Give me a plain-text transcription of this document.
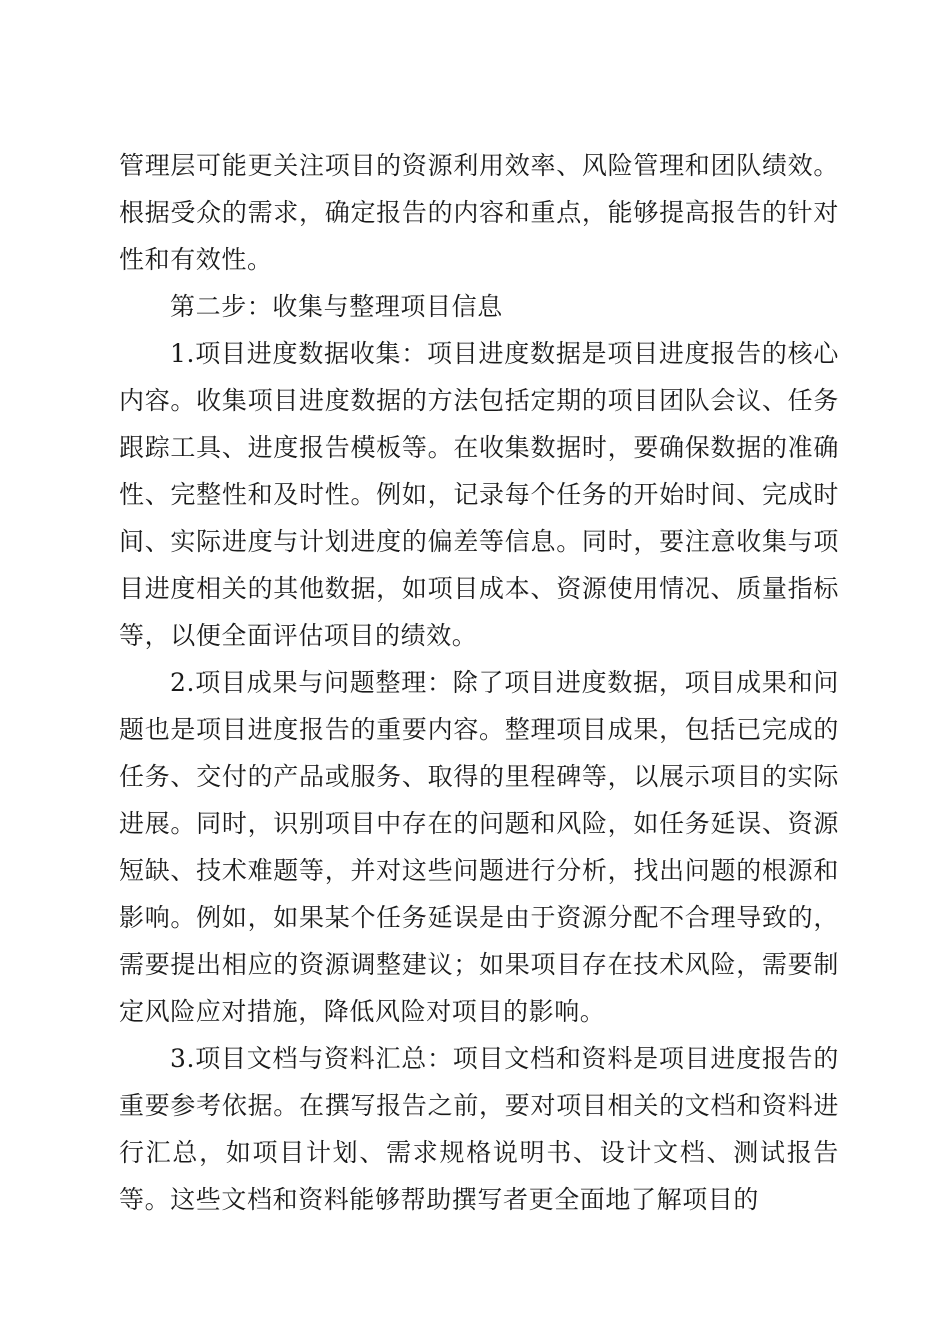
管理层可能更关注项目的资源利用效率、风险管理和团队绩效。根据受众的需求，确定报告的内容和重点，能够提高报告的针对性和有效性。

第二步：收集与整理项目信息

1.项目进度数据收集：项目进度数据是项目进度报告的核心内容。收集项目进度数据的方法包括定期的项目团队会议、任务跟踪工具、进度报告模板等。在收集数据时，要确保数据的准确性、完整性和及时性。例如，记录每个任务的开始时间、完成时间、实际进度与计划进度的偏差等信息。同时，要注意收集与项目进度相关的其他数据，如项目成本、资源使用情况、质量指标等，以便全面评估项目的绩效。

2.项目成果与问题整理：除了项目进度数据，项目成果和问题也是项目进度报告的重要内容。整理项目成果，包括已完成的任务、交付的产品或服务、取得的里程碑等，以展示项目的实际进展。同时，识别项目中存在的问题和风险，如任务延误、资源短缺、技术难题等，并对这些问题进行分析，找出问题的根源和影响。例如，如果某个任务延误是由于资源分配不合理导致的，需要提出相应的资源调整建议；如果项目存在技术风险，需要制定风险应对措施，降低风险对项目的影响。

3.项目文档与资料汇总：项目文档和资料是项目进度报告的重要参考依据。在撰写报告之前，要对项目相关的文档和资料进行汇总，如项目计划、需求规格说明书、设计文档、测试报告等。这些文档和资料能够帮助撰写者更全面地了解项目的
